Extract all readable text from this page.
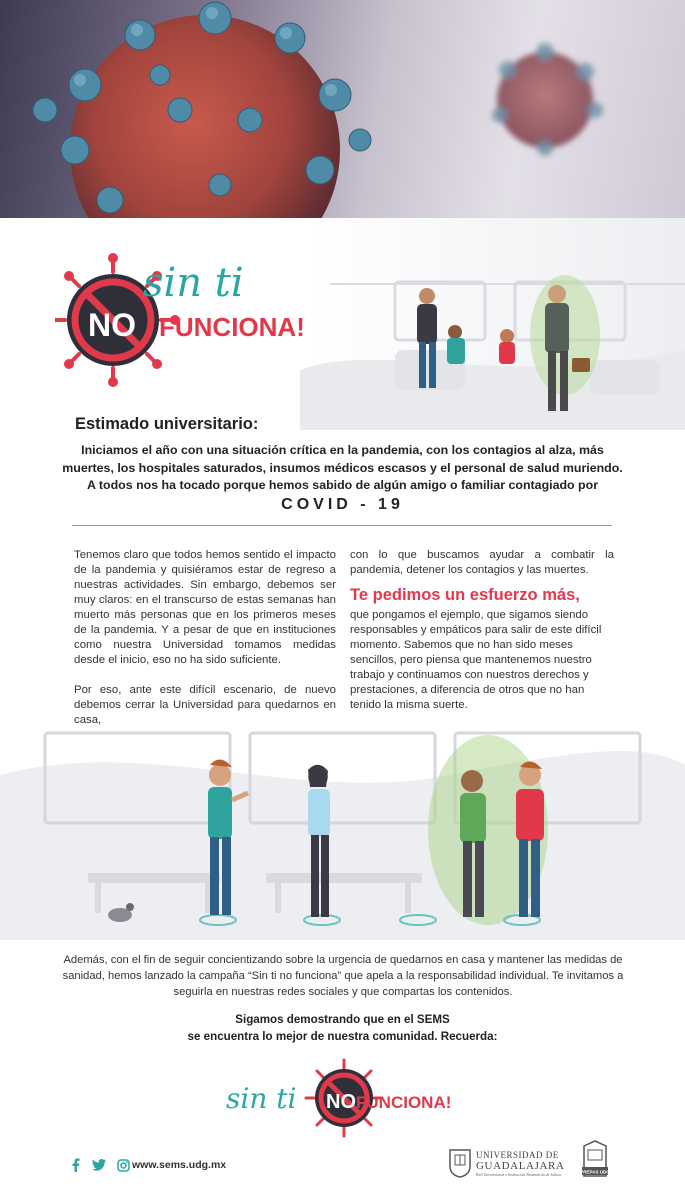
sin ti
NO FUNCIONA!
Estimado universitario:
Iniciamos el año con una situación crítica en la pandemia, con los contagios al alza, más muertes, los hospitales saturados, insumos médicos escasos y el personal de salud muriendo. A todos nos ha tocado porque hemos sabido de algún amigo o familiar contagiado por
COVID - 19

Tenemos claro que todos hemos sentido el impacto de la pandemia y quisiéramos estar de regreso a nuestras actividades. Sin embargo, debemos ser muy claros: en el transcurso de estas semanas han muerto más personas que en los primeros meses de la pandemia. Y a pesar de que en instituciones como nuestra Universidad tomamos medidas desde el inicio, eso no ha sido suficiente.

Por eso, ante este difícil escenario, de nuevo debemos cerrar la Universidad para quedarnos en casa,

con lo que buscamos ayudar a combatir la pandemia, detener los contagios y las muertes.

Te pedimos un esfuerzo más,

que pongamos el ejemplo, que sigamos siendo responsables y empáticos para salir de este difícil momento. Sabemos que no han sido meses sencillos, pero piensa que mantenemos nuestro trabajo y continuamos con nuestros derechos y prestaciones, a diferencia de otros que no han tenido la misma suerte.

Además, con el fin de seguir concientizando sobre la urgencia de quedarnos en casa y mantener las medidas de sanidad, hemos lanzado la campaña “Sin ti no funciona” que apela a la responsabilidad individual. Te invitamos a seguirla en nuestras redes sociales y que compartas los contenidos.
Sigamos demostrando que en el SEMS
se encuentra lo mejor de nuestra comunidad. Recuerda:
sin ti NO FUNCIONA!
www.sems.udg.mx
UNIVERSIDAD DE
GUADALAJARA
Red Universitaria e Institución Benemérita de Jalisco	PREPAS UDG
